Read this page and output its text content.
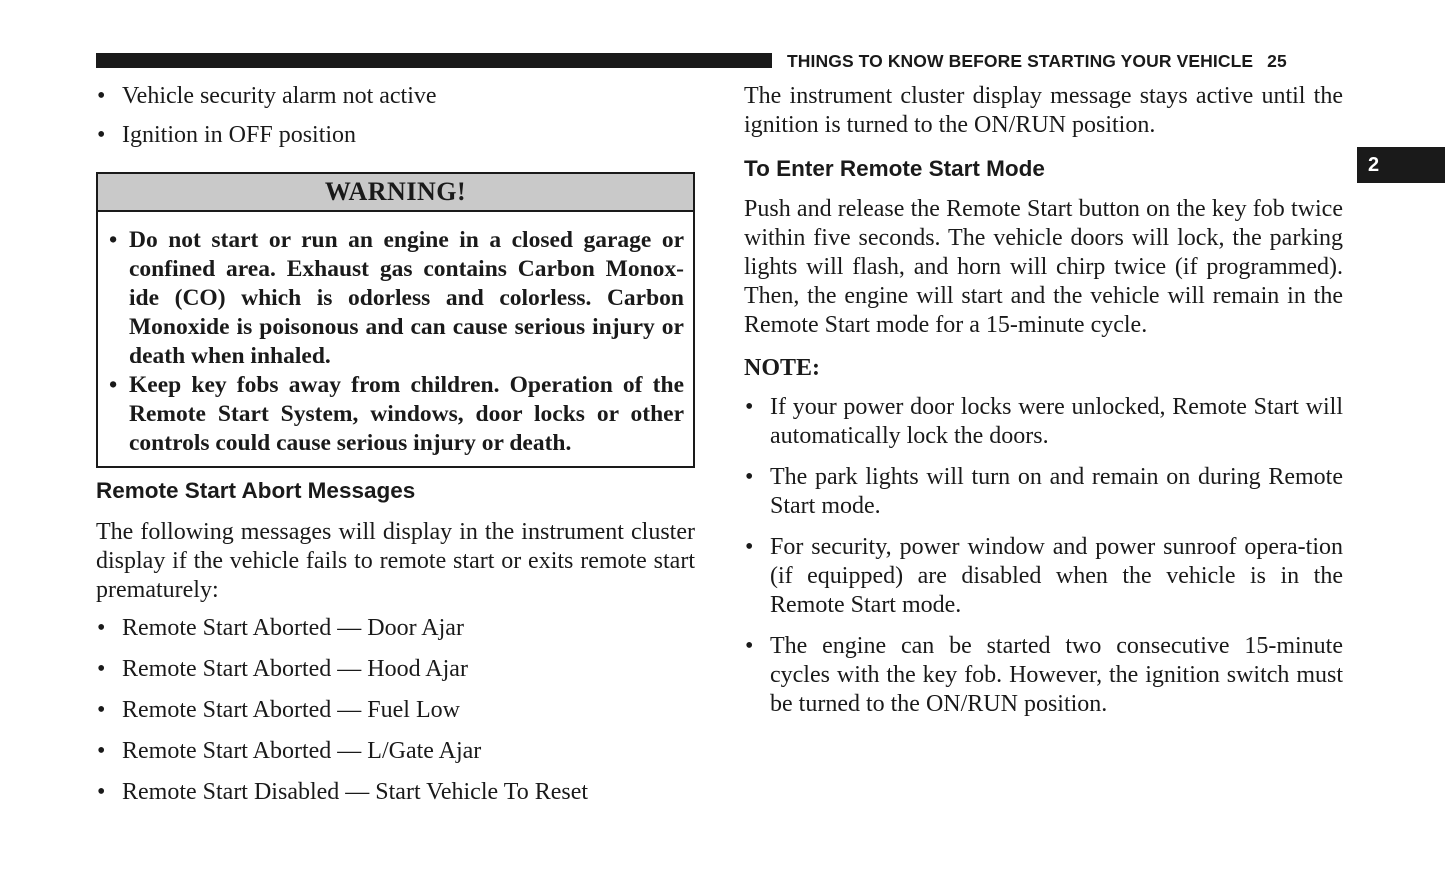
THINGS TO KNOW BEFORE STARTING YOUR VEHICLE 25
2
• Vehicle security alarm not active
• Ignition in OFF position
WARNING!
• Do not start or run an engine in a closed garage or confined area. Exhaust gas contains Carbon Monox-ide (CO) which is odorless and colorless. Carbon Monoxide is poisonous and can cause serious injury or death when inhaled.
• Keep key fobs away from children. Operation of the Remote Start System, windows, door locks or other controls could cause serious injury or death.
Remote Start Abort Messages

The following messages will display in the instrument cluster display if the vehicle fails to remote start or exits remote start prematurely:

• Remote Start Aborted — Door Ajar
• Remote Start Aborted — Hood Ajar
• Remote Start Aborted — Fuel Low
• Remote Start Aborted — L/Gate Ajar
• Remote Start Disabled — Start Vehicle To Reset

The instrument cluster display message stays active until the ignition is turned to the ON/RUN position.

To Enter Remote Start Mode

Push and release the Remote Start button on the key fob twice within five seconds. The vehicle doors will lock, the parking lights will flash, and horn will chirp twice (if programmed). Then, the engine will start and the vehicle will remain in the Remote Start mode for a 15-minute cycle.

NOTE:

• If your power door locks were unlocked, Remote Start will automatically lock the doors.
• The park lights will turn on and remain on during Remote Start mode.
• For security, power window and power sunroof opera-tion (if equipped) are disabled when the vehicle is in the Remote Start mode.
• The engine can be started two consecutive 15-minute cycles with the key fob. However, the ignition switch must be turned to the ON/RUN position.
